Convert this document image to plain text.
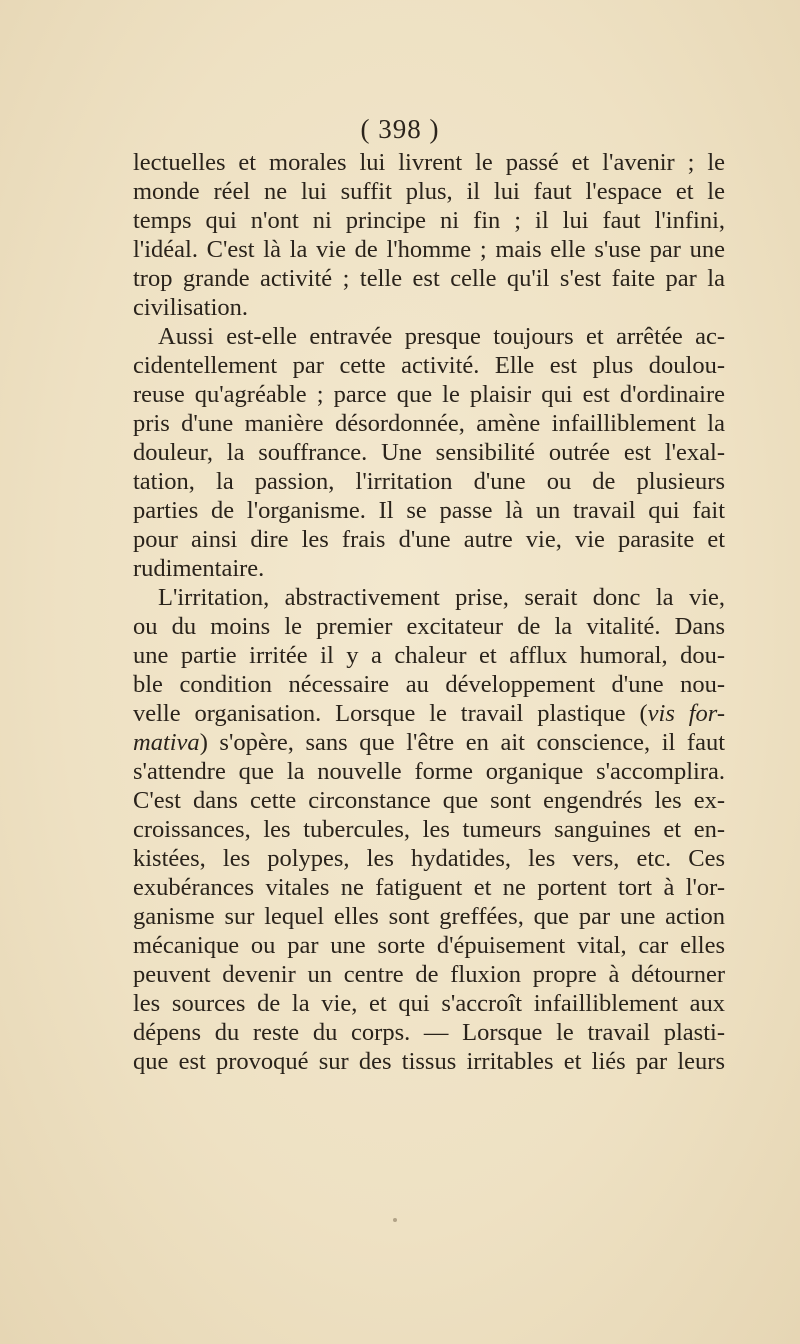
( 398 )
lectuelles et morales lui livrent le passé et l'avenir ; le
monde réel ne lui suffit plus, il lui faut l'espace et le
temps qui n'ont ni principe ni fin ; il lui faut l'infini,
l'idéal. C'est là la vie de l'homme ; mais elle s'use par une
trop grande activité ; telle est celle qu'il s'est faite par la
civilisation.
Aussi est-elle entravée presque toujours et arrêtée ac-
cidentellement par cette activité. Elle est plus doulou-
reuse qu'agréable ; parce que le plaisir qui est d'ordinaire
pris d'une manière désordonnée, amène infailliblement la
douleur, la souffrance. Une sensibilité outrée est l'exal-
tation, la passion, l'irritation d'une ou de plusieurs
parties de l'organisme. Il se passe là un travail qui fait
pour ainsi dire les frais d'une autre vie, vie parasite et
rudimentaire.
L'irritation, abstractivement prise, serait donc la vie,
ou du moins le premier excitateur de la vitalité. Dans
une partie irritée il y a chaleur et afflux humoral, dou-
ble condition nécessaire au développement d'une nou-
velle organisation. Lorsque le travail plastique (vis for-
mativa) s'opère, sans que l'être en ait conscience, il faut
s'attendre que la nouvelle forme organique s'accomplira.
C'est dans cette circonstance que sont engendrés les ex-
croissances, les tubercules, les tumeurs sanguines et en-
kistées, les polypes, les hydatides, les vers, etc. Ces
exubérances vitales ne fatiguent et ne portent tort à l'or-
ganisme sur lequel elles sont greffées, que par une action
mécanique ou par une sorte d'épuisement vital, car elles
peuvent devenir un centre de fluxion propre à détourner
les sources de la vie, et qui s'accroît infailliblement aux
dépens du reste du corps. — Lorsque le travail plasti-
que est provoqué sur des tissus irritables et liés par leurs
